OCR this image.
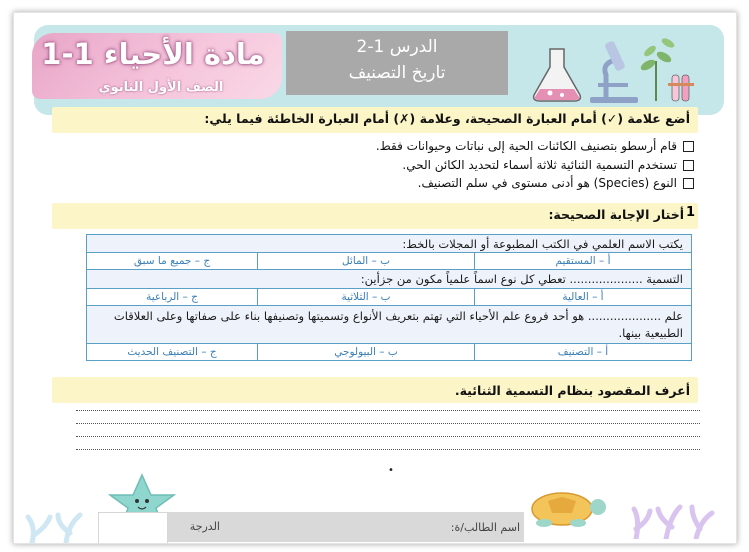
مادة الأحياء 1-1
الصف الأول الثانوي
الدرس 1-2
تاريخ التصنيف
أضع علامة (✓) أمام العبارة الصحيحة، وعلامة (✗) أمام العبارة الخاطئة فيما يلي:
قام أرسطو بتصنيف الكائنات الحية إلى نباتات وحيوانات فقط.
تستخدم التسمية الثنائية ثلاثة أسماء لتحديد الكائن الحي.
النوع (Species) هو أدنى مستوى في سلم التصنيف.
1
أختار الإجابة الصحيحة:
يكتب الاسم العلمي في الكتب المطبوعة أو المجلات بالخط:		
أ – المستقيم	ب – المائل	ج – جميع ما سبق
التسمية .................... تعطي كل نوع اسماً علمياً مكون من جزأين:		
أ – العالية	ب – الثلاثية	ج – الرباعية
علم .................... هو أحد فروع علم الأحياء التي تهتم بتعريف الأنواع وتسميتها وتصنيفها بناء على صفاتها وعلى العلاقات الطبيعية بينها.		
أ – التصنيف	ب – البيولوجي	ج – التصنيف الحديث
أعرف المقصود بنظام التسمية الثنائية.
•
اسم الطالب/ة:
الدرجة
